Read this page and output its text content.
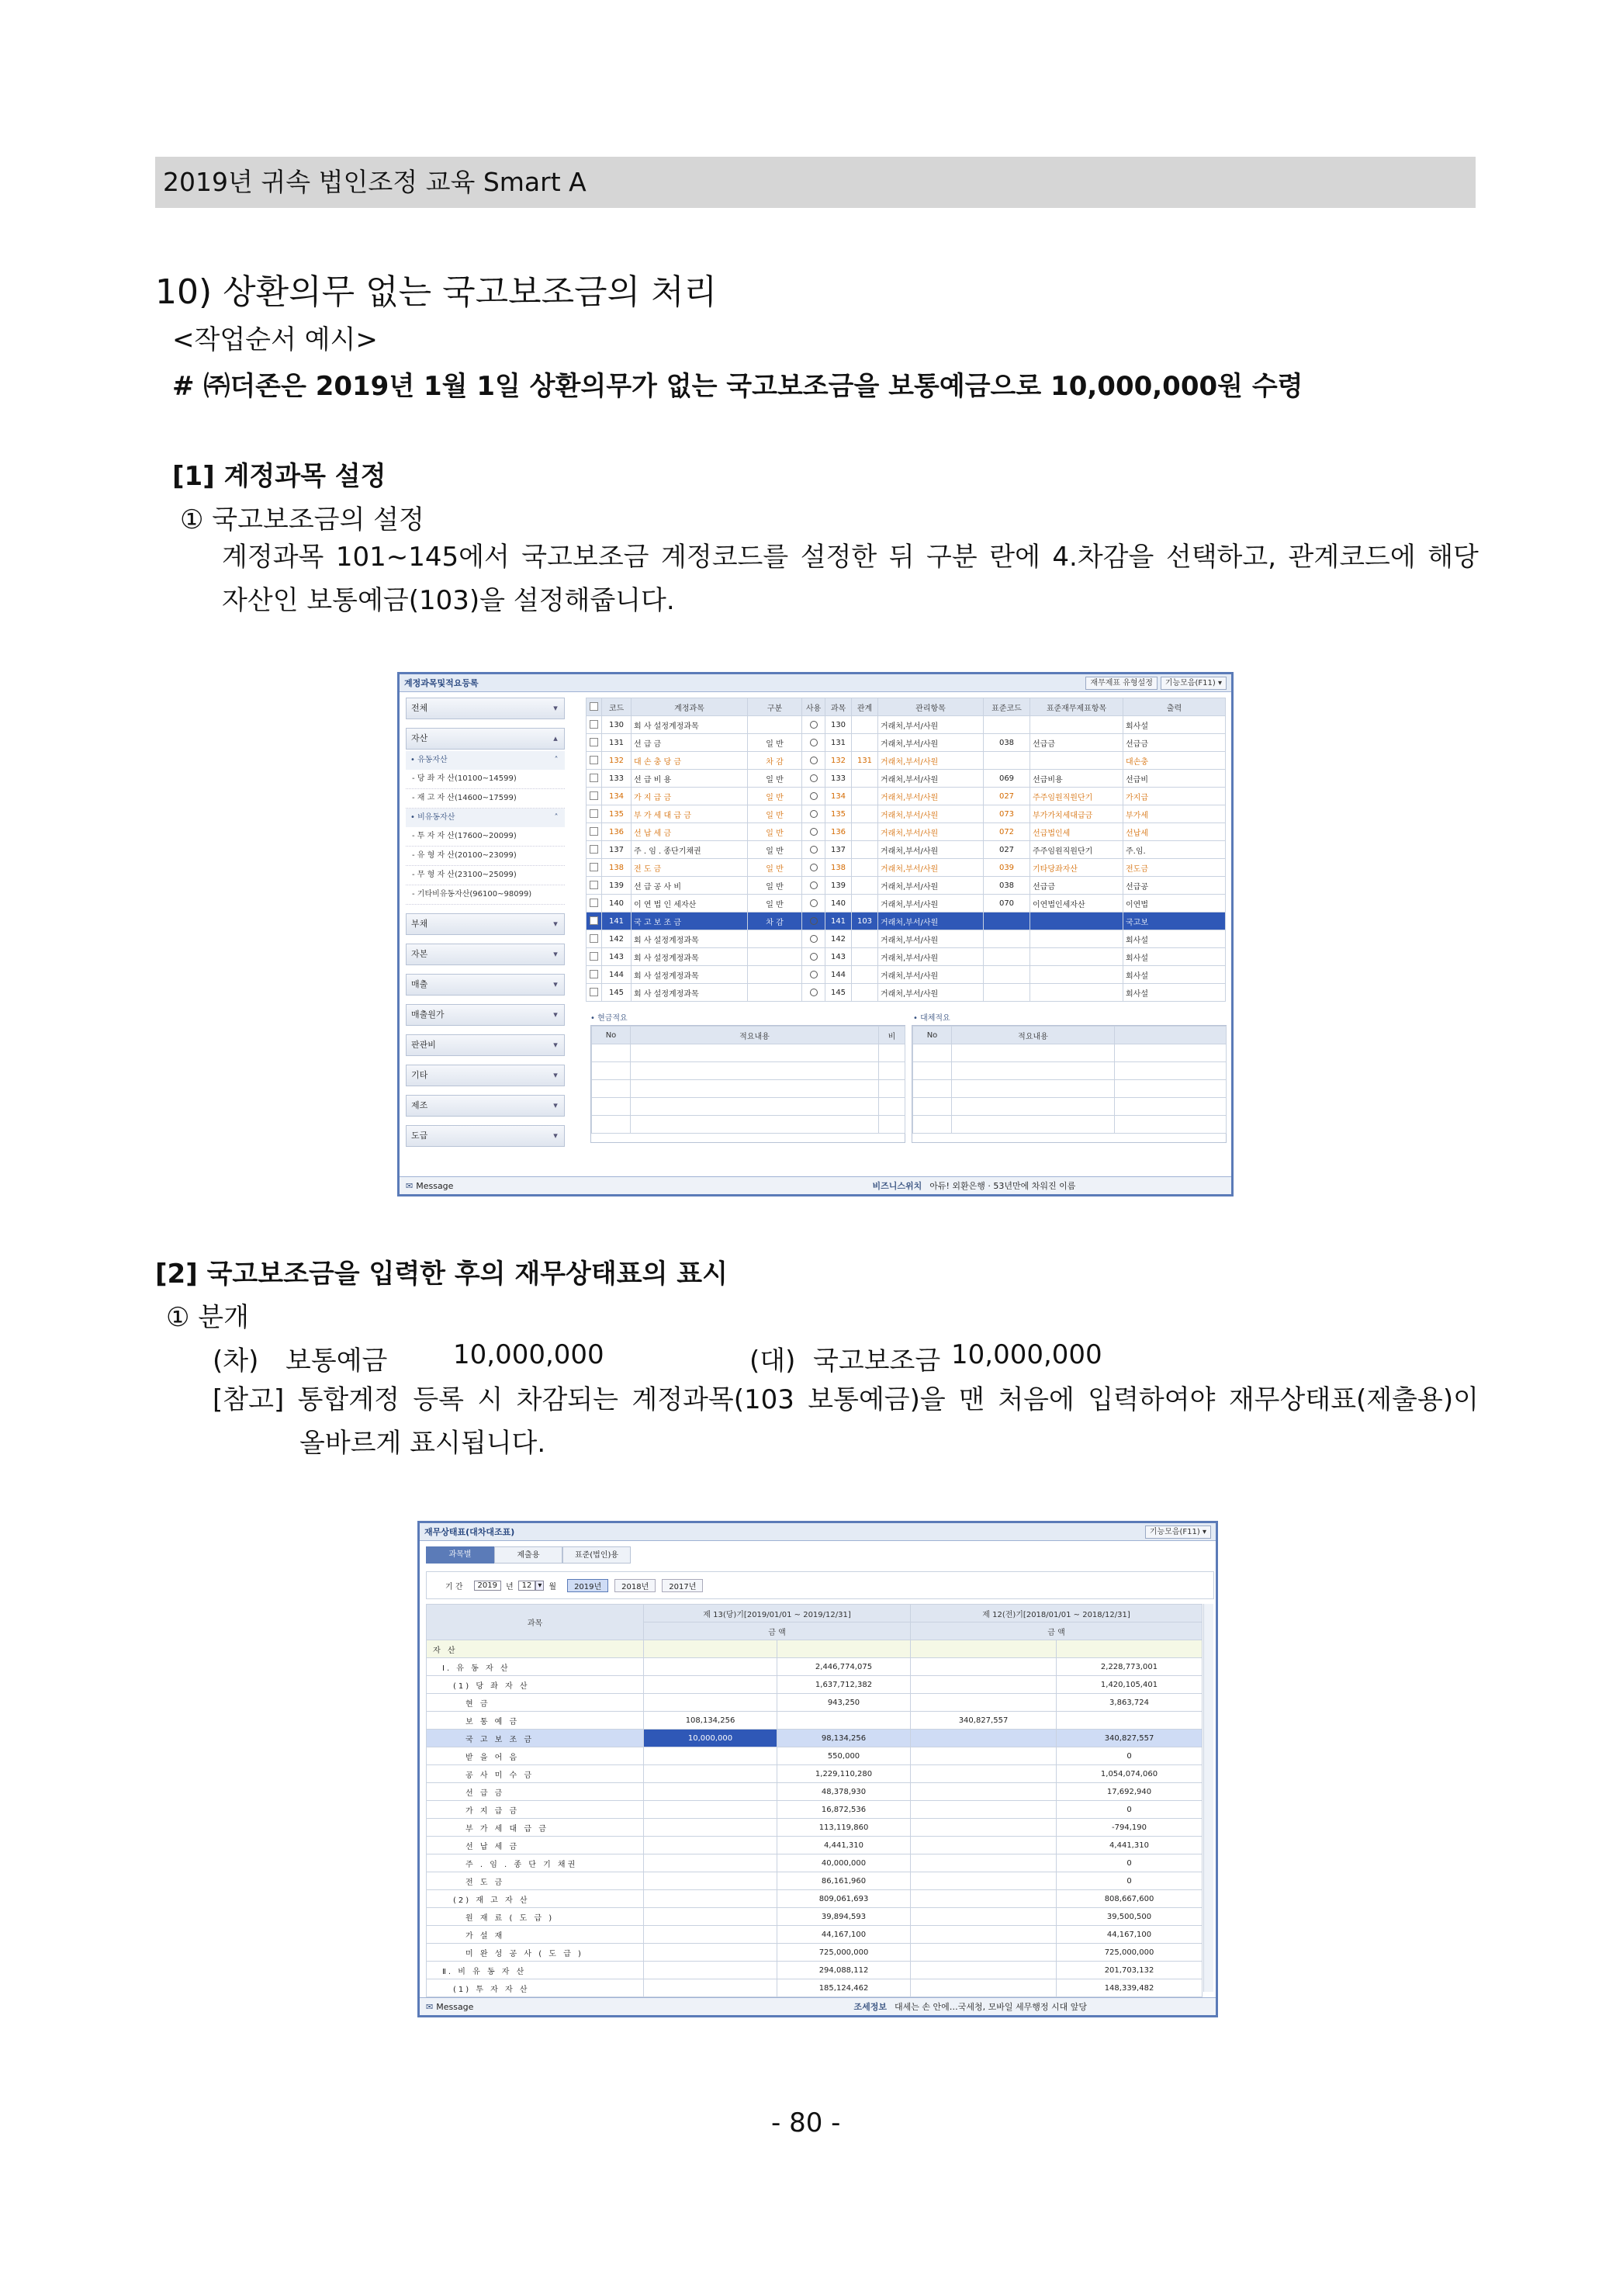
2019년 귀속 법인조정 교육 Smart A
10) 상환의무 없는 국고보조금의 처리
<작업순서 예시>
# ㈜더존은 2019년 1월 1일 상환의무가 없는 국고보조금을 보통예금으로 10,000,000원 수령
[1] 계정과목 설정
① 국고보조금의 설정
계정과목 101~145에서 국고보조금 계정코드를 설정한 뒤 구분 란에 4.차감을 선택하고, 관계코드에 해당
자산인 보통예금(103)을 설정해줍니다.
계정과목및적요등록	재무제표 유형설정	기능모음(F11) ▾
전체	▾
자산	▴
• 유동자산	˄
- 당 좌 자 산(10100~14599)
- 재 고 자 산(14600~17599)
• 비유동자산	˄
- 투 자 자 산(17600~20099)
- 유 형 자 산(20100~23099)
- 무 형 자 산(23100~25099)
- 기타비유동자산(96100~98099)
부채	▾
자본	▾
매출	▾
매출원가	▾
판관비	▾
기타	▾
제조	▾
도급	▾
	코드	계정과목	구분	사용	과목	관계	관리항목	표준코드	표준재무제표항목	출력
	130	회 사 설정계정과목			130		거래처,부서/사원			회사설
	131	선 급 금	일 반		131		거래처,부서/사원	038	선급금	선급금
	132	대 손 충 당 금	차 감		132	131	거래처,부서/사원			대손충
	133	선 급 비 용	일 반		133		거래처,부서/사원	069	선급비용	선급비
	134	가 지 급 금	일 반		134		거래처,부서/사원	027	주주임원직원단기	가지급
	135	부 가 세 대 급 금	일 반		135		거래처,부서/사원	073	부가가치세대급금	부가세
	136	선 납 세 금	일 반		136		거래처,부서/사원	072	선급법인세	선납세
	137	주 . 임 . 종단기채권	일 반		137		거래처,부서/사원	027	주주임원직원단기	주.임.
	138	전 도 금	일 반		138		거래처,부서/사원	039	기타당좌자산	전도금
	139	선 급 공 사 비	일 반		139		거래처,부서/사원	038	선급금	선급공
	140	이 연 법 인 세자산	일 반		140		거래처,부서/사원	070	이연법인세자산	이연법
	141	국 고 보 조 금	차 감		141	103	거래처,부서/사원			국고보
	142	회 사 설정계정과목			142		거래처,부서/사원			회사설
	143	회 사 설정계정과목			143		거래처,부서/사원			회사설
	144	회 사 설정계정과목			144		거래처,부서/사원			회사설
	145	회 사 설정계정과목			145		거래처,부서/사원			회사설
• 현금적요	• 대체적요
No	적요내용	비

			No	적요내용	

✉ Message	비즈니스위치 아듀! 외환은행 · 53년만에 차워진 이름
[2] 국고보조금을 입력한 후의 재무상태표의 표시
① 분개
(차) 보통예금 10,000,000	(대) 국고보조금 10,000,000
[참고] 통합계정 등록 시 차감되는 계정과목(103 보통예금)을 맨 처음에 입력하여야 재무상태표(제출용)이
올바르게 표시됩니다.
재무상태표(대차대조표)	기능모음(F11) ▾
과목별	제출용	표준(법인)용
기 간	2019	년	12 ▾ 월	2019년	2018년	2017년
과목	제 13(당)기[2019/01/01 ~ 2019/12/31]		제 12(전)기[2018/01/01 ~ 2018/12/31]	
	금 액		금 액	
자 산				
Ⅰ. 유 동 자 산		2,446,774,075		2,228,773,001
(1) 당 좌 자 산		1,637,712,382		1,420,105,401
현 금		943,250		3,863,724
보 통 예 금	108,134,256		340,827,557	
국 고 보 조 금	10,000,000	98,134,256		340,827,557
받 을 어 음		550,000		0
공 사 미 수 금		1,229,110,280		1,054,074,060
선 급 금		48,378,930		17,692,940
가 지 급 금		16,872,536		0
부 가 세 대 급 금		113,119,860		-794,190
선 납 세 금		4,441,310		4,441,310
주 . 임 . 종 단 기 채권		40,000,000		0
전 도 금		86,161,960		0
(2) 재 고 자 산		809,061,693		808,667,600
원 재 료 ( 도 급 )		39,894,593		39,500,500
가 설 재		44,167,100		44,167,100
미 완 성 공 사 ( 도 급 )		725,000,000		725,000,000
Ⅱ. 비 유 동 자 산		294,088,112		201,703,132
(1) 투 자 자 산		185,124,462		148,339,482
✉ Message	조세정보 대세는 손 안에…국세청, 모바일 세무행정 시대 앞당
- 80 -
